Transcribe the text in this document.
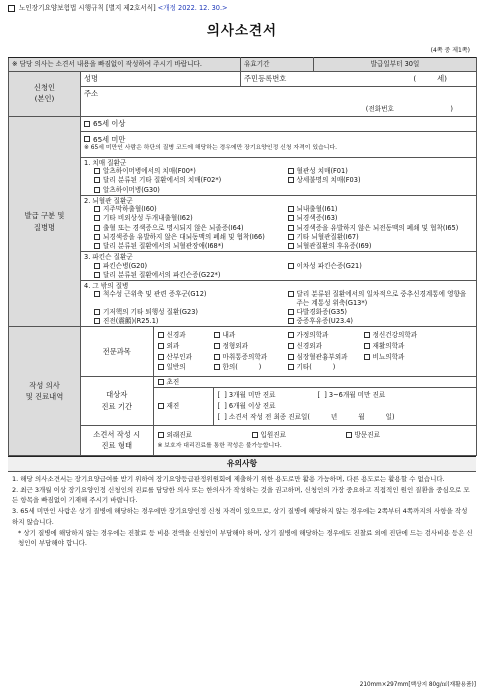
노인장기요양보험법 시행규칙 [별지 제2호서식] <개정 2022. 12. 30.>
의사소견서
(4쪽 중 제1쪽)
※ 담당 의사는 소견서 내용을 빠짐없이 작성하여 주시기 바랍니다.	유효기간	발급일부터 30일
신청인
(본인)	성명	주민등록번호	(         세)

주소
(전화번호                           )

발급 구분 및
질병명	
65세 이상
65세 미만
※ 65세 미만인 사람은 하단의 질병 코드에 해당하는 경우에만 장기요양인정 신청 자격이 있습니다.
1. 치매 질환군
알츠하이머병에서의 치매(F00*)	혈관성 치매(F01)
달리 분류된 기타 질환에서의 치매(F02*)	상세불명의 치매(F03)
알츠하이머병(G30)
2. 뇌혈관 질환군
지주막하출혈(I60)	뇌내출혈(I61)
기타 비외상성 두개내출혈(I62)	뇌경색증(I63)
출혈 또는 경색증으로 명시되지 않은 뇌졸증(I64)	뇌경색증을 유발하지 않은 뇌전동맥의 폐쇄 및 협착(I65)
뇌경색증을 유발하지 않은 대뇌동맥의 폐쇄 및 협착(I66)	기타 뇌혈관질환(I67)
달리 분류된 질환에서의 뇌혈관장애(I68*)	뇌혈관질환의 후유증(I69)
3. 파킨슨 질환군
파킨슨병(G20)	이차성 파킨슨증(G21)
달리 분류된 질환에서의 파킨슨증(G22*)
4. 그 밖의 질병
척수성 근위축 및 관련 증후군(G12)	달리 분류된 질환에서의 일차적으로 중추신경계통에 영향을 주는 계통성 위축(G13*)
기저핵의 기타 퇴행성 질환(G23)	다발경화증(G35)
진전(震顫)(R25.1)	중증후유증(U23.4)

작성 의사
및 진료내역	
전문과목	
신경과	내과	가정의학과	정신건강의학과
외과	정형외과	신경외과	재활의학과
산부인과	마취통증의학과	심장혈관흉부외과	비뇨의학과
일반의	한의(          )	기타(          )

대상자
진료 기간	
초진
재진
[  ] 3개월 미만 진료	[  ] 3~6개월 미만 진료
[  ] 6개월 이상 진료
[  ] 소견서 작성 전 최종 진료일(          년          월          일)

소견서 작성 시
진료 형태	
외래진료	입원진료	방문진료
※ 보호자 대리진료를 통한 작성은 불가능합니다.
유의사항

1. 해당 의사소견서는 장기요양급여를 받기 위하여 장기요양등급판정위원회에 제출하기 위한 용도로만 활용 가능하며, 다른 용도로는 활용할 수 없습니다.

2. 최근 3개월 이상 장기요양인정 신청인의 진료를 담당한 의사 또는 한의사가 작성하는 것을 권고하며, 신청인의 가장 중요하고 직접적인 원인 질환을 중심으로 모든 항목을 빠짐없이 기재해 주시기 바랍니다.

3. 65세 미만인 사람은 상기 질병에 해당하는 경우에만 장기요양인정 신청 자격이 있으므로, 상기 질병에 해당하지 않는 경우에는 2쪽부터 4쪽까지의 사항을 작성하지 않습니다.

* 상기 질병에 해당하지 않는 경우에는 진찰료 등 비용 전액을 신청인이 부담해야 하며, 상기 질병에 해당하는 경우에도 진찰료 외에 진단에 드는 검사비용 등은 신청인이 부담해야 합니다.

210mm×297mm[백상지 80g/㎡(재활용품)]
